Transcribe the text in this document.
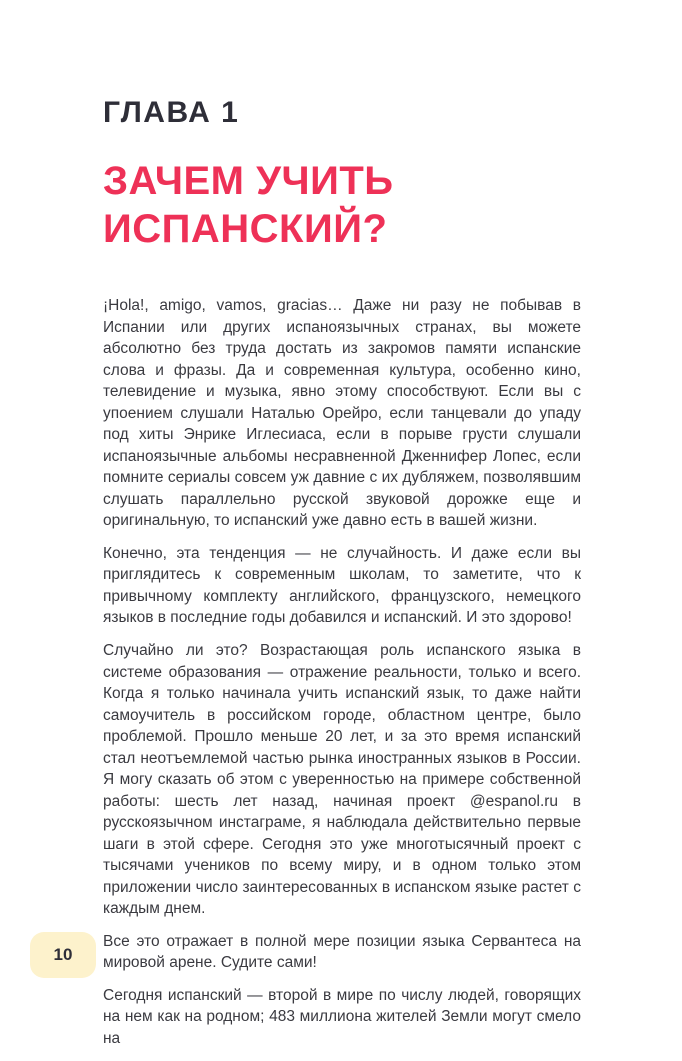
ГЛАВА 1
ЗАЧЕМ УЧИТЬ
ИСПАНСКИЙ?

¡Hola!, amigo, vamos, gracias… Даже ни разу не побывав в Испании или других испаноязычных странах, вы можете абсолютно без труда достать из закромов памяти испанские слова и фразы. Да и современная культура, особенно кино, телевидение и музыка, явно этому способствуют. Если вы с упоением слушали Наталью Орейро, если танцевали до упаду под хиты Энрике Иглесиаса, если в порыве грусти слушали испаноязычные альбомы несравненной Дженнифер Лопес, если помните сериалы совсем уж давние с их дубляжем, позволявшим слушать параллельно русской звуковой дорожке еще и оригинальную, то испанский уже давно есть в вашей жизни.

Конечно, эта тенденция — не случайность. И даже если вы приглядитесь к современным школам, то заметите, что к привычному комплекту английского, французского, немецкого языков в последние годы добавился и испанский. И это здорово!

Случайно ли это? Возрастающая роль испанского языка в системе образования — отражение реальности, только и всего. Когда я только начинала учить испанский язык, то даже найти самоучитель в российском городе, областном центре, было проблемой. Прошло меньше 20 лет, и за это время испанский стал неотъемлемой частью рынка иностранных языков в России. Я могу сказать об этом с уверенностью на примере собственной работы: шесть лет назад, начиная проект @espanol.ru в русскоязычном инстаграме, я наблюдала действительно первые шаги в этой сфере. Сегодня это уже многотысячный проект с тысячами учеников по всему миру, и в одном только этом приложении число заинтересованных в испанском языке растет с каждым днем.

Все это отражает в полной мере позиции языка Сервантеса на мировой арене. Судите сами!

Сегодня испанский — второй в мире по числу людей, говорящих на нем как на родном; 483 миллиона жителей Земли могут смело на

10
